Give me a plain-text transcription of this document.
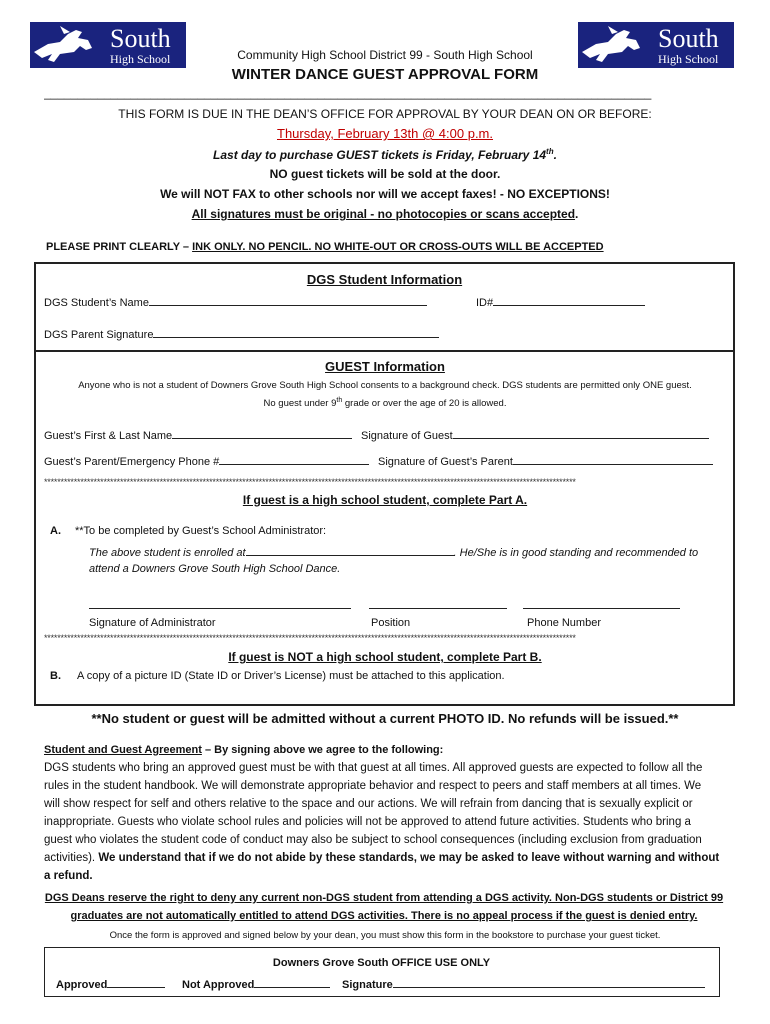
South
High School
South
High School
Community High School District 99 - South High School
WINTER DANCE GUEST APPROVAL FORM
___________________________________________________________________________________________
THIS FORM IS DUE IN THE DEAN’S OFFICE FOR APPROVAL BY YOUR DEAN ON OR BEFORE:
Thursday, February 13th @ 4:00 p.m.
Last day to purchase GUEST tickets is Friday, February 14th.
NO guest tickets will be sold at the door.
We will NOT FAX to other schools nor will we accept faxes! - NO EXCEPTIONS!
All signatures must be original - no photocopies or scans accepted.
PLEASE PRINT CLEARLY – INK ONLY. NO PENCIL. NO WHITE-OUT OR CROSS-OUTS WILL BE ACCEPTED
DGS Student Information
DGS Student’s Name	ID#
DGS Parent Signature
GUEST Information
Anyone who is not a student of Downers Grove South High School consents to a background check. DGS students are permitted only ONE guest.
No guest under 9th grade or over the age of 20 is allowed.
Guest’s First & Last Name	Signature of Guest
Guest’s Parent/Emergency Phone #	Signature of Guest’s Parent
*****************************************************************************************************************************************************************
If guest is a high school student, complete Part A.
A. **To be completed by Guest’s School Administrator:
The above student is enrolled at	. He/She is in good standing and recommended to
attend a Downers Grove South High School Dance.
Signature of Administrator	Position	Phone Number
*****************************************************************************************************************************************************************
If guest is NOT a high school student, complete Part B.
B. A copy of a picture ID (State ID or Driver’s License) must be attached to this application.
**No student or guest will be admitted without a current PHOTO ID. No refunds will be issued.**
Student and Guest Agreement – By signing above we agree to the following:
DGS students who bring an approved guest must be with that guest at all times. All approved guests are expected to follow all the rules in the student handbook. We will demonstrate appropriate behavior and respect to peers and staff members at all times. We will show respect for self and others relative to the space and our actions. We will refrain from dancing that is sexually explicit or inappropriate. Guests who violate school rules and policies will not be approved to attend future activities. Students who bring a guest who violates the student code of conduct may also be subject to school consequences (including exclusion from graduation activities). We understand that if we do not abide by these standards, we may be asked to leave without warning and without a refund.
DGS Deans reserve the right to deny any current non-DGS student from attending a DGS activity. Non-DGS students or District 99 graduates are not automatically entitled to attend DGS activities. There is no appeal process if the guest is denied entry.
Once the form is approved and signed below by your dean, you must show this form in the bookstore to purchase your guest ticket.
Downers Grove South OFFICE USE ONLY
Approved	Not Approved	Signature
